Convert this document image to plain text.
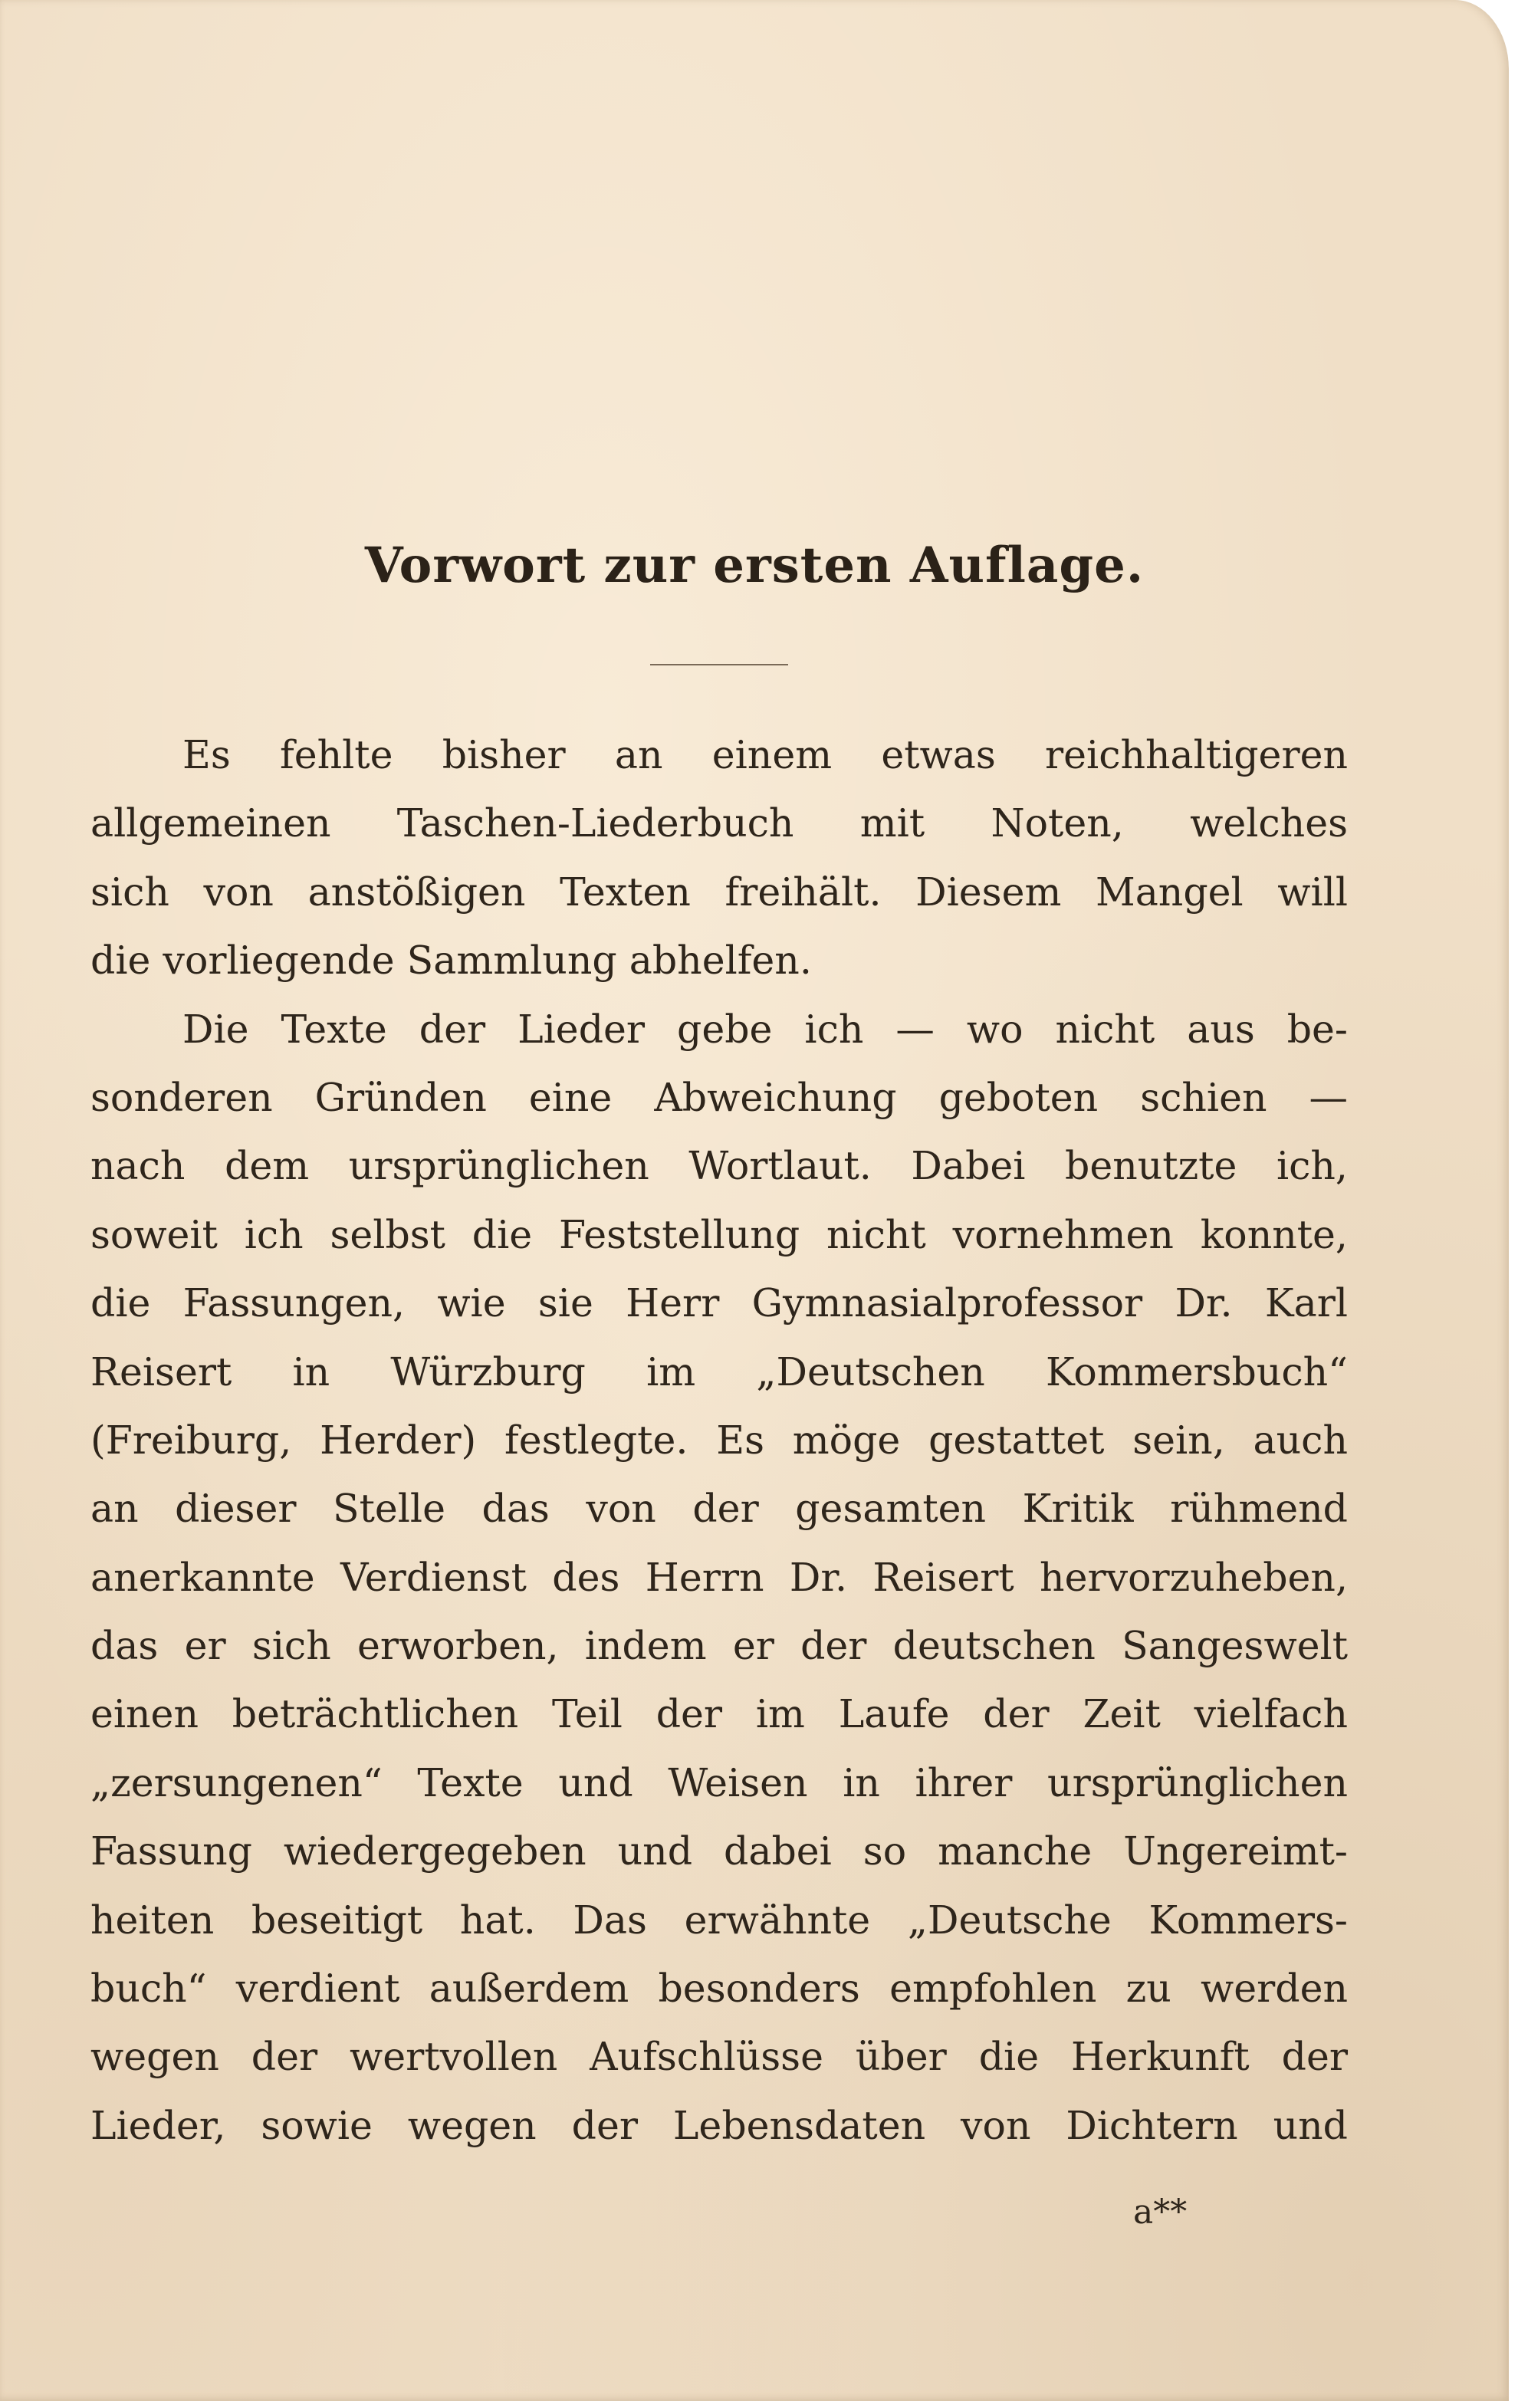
Vorwort zur ersten Auflage.
Es fehlte bisher an einem etwas reichhaltigeren
allgemeinen Taschen-Liederbuch mit Noten, welches
sich von anstößigen Texten freihält. Diesem Mangel will
die vorliegende Sammlung abhelfen.
Die Texte der Lieder gebe ich — wo nicht aus be-
sonderen Gründen eine Abweichung geboten schien —
nach dem ursprünglichen Wortlaut. Dabei benutzte ich,
soweit ich selbst die Feststellung nicht vornehmen konnte,
die Fassungen, wie sie Herr Gymnasialprofessor Dr. Karl
Reisert in Würzburg im „Deutschen Kommersbuch“
(Freiburg, Herder) festlegte. Es möge gestattet sein, auch
an dieser Stelle das von der gesamten Kritik rühmend
anerkannte Verdienst des Herrn Dr. Reisert hervorzuheben,
das er sich erworben, indem er der deutschen Sangeswelt
einen beträchtlichen Teil der im Laufe der Zeit vielfach
„zersungenen“ Texte und Weisen in ihrer ursprünglichen
Fassung wiedergegeben und dabei so manche Ungereimt-
heiten beseitigt hat. Das erwähnte „Deutsche Kommers-
buch“ verdient außerdem besonders empfohlen zu werden
wegen der wertvollen Aufschlüsse über die Herkunft der
Lieder, sowie wegen der Lebensdaten von Dichtern und
a**
